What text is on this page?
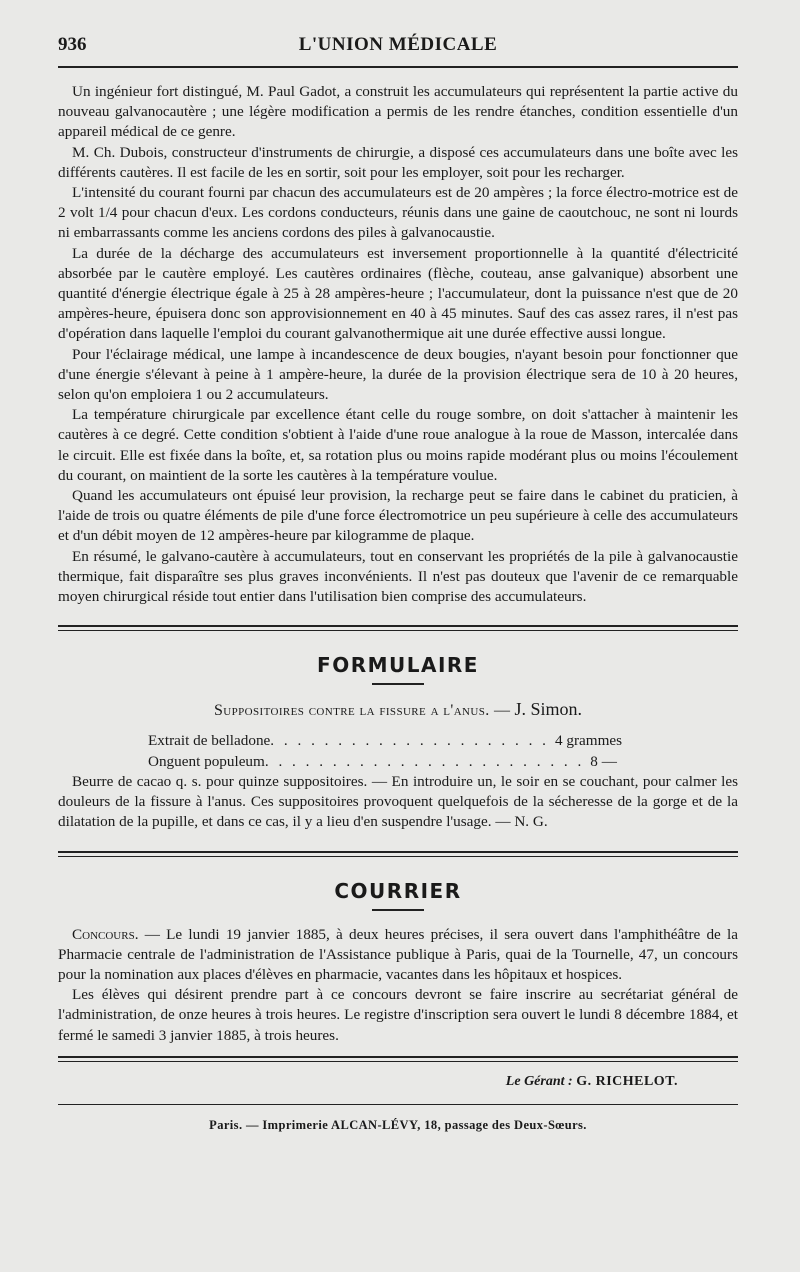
936	L'UNION MÉDICALE

Un ingénieur fort distingué, M. Paul Gadot, a construit les accumulateurs qui représentent la partie active du nouveau galvanocautère ; une légère modification a permis de les rendre étanches, condition essentielle d'un appareil médical de ce genre.

M. Ch. Dubois, constructeur d'instruments de chirurgie, a disposé ces accumulateurs dans une boîte avec les différents cautères. Il est facile de les en sortir, soit pour les employer, soit pour les recharger.

L'intensité du courant fourni par chacun des accumulateurs est de 20 ampères ; la force électro-motrice est de 2 volt 1/4 pour chacun d'eux. Les cordons conducteurs, réunis dans une gaine de caoutchouc, ne sont ni lourds ni embarrassants comme les anciens cordons des piles à galvanocaustie.

La durée de la décharge des accumulateurs est inversement proportionnelle à la quantité d'électricité absorbée par le cautère employé. Les cautères ordinaires (flèche, couteau, anse galvanique) absorbent une quantité d'énergie électrique égale à 25 à 28 ampères-heure ; l'accumulateur, dont la puissance n'est que de 20 ampères-heure, épuisera donc son approvisionnement en 40 à 45 minutes. Sauf des cas assez rares, il n'est pas d'opération dans laquelle l'emploi du courant galvanothermique ait une durée effective aussi longue.

Pour l'éclairage médical, une lampe à incandescence de deux bougies, n'ayant besoin pour fonctionner que d'une énergie s'élevant à peine à 1 ampère-heure, la durée de la provision électrique sera de 10 à 20 heures, selon qu'on emploiera 1 ou 2 accumulateurs.

La température chirurgicale par excellence étant celle du rouge sombre, on doit s'attacher à maintenir les cautères à ce degré. Cette condition s'obtient à l'aide d'une roue analogue à la roue de Masson, intercalée dans le circuit. Elle est fixée dans la boîte, et, sa rotation plus ou moins rapide modérant plus ou moins l'écoulement du courant, on maintient de la sorte les cautères à la température voulue.

Quand les accumulateurs ont épuisé leur provision, la recharge peut se faire dans le cabinet du praticien, à l'aide de trois ou quatre éléments de pile d'une force électromotrice un peu supérieure à celle des accumulateurs et d'un débit moyen de 12 ampères-heure par kilogramme de plaque.

En résumé, le galvano-cautère à accumulateurs, tout en conservant les propriétés de la pile à galvanocaustie thermique, fait disparaître ses plus graves inconvénients. Il n'est pas douteux que l'avenir de ce remarquable moyen chirurgical réside tout entier dans l'utilisation bien comprise des accumulateurs.

FORMULAIRE
Suppositoires contre la fissure a l'anus. — J. Simon.
Extrait de belladone . . . . . . . . . . . . . . . . . . . . . 4 grammes
Onguent populeum . . . . . . . . . . . . . . . . . . . . . . . . 8 —

Beurre de cacao q. s. pour quinze suppositoires. — En introduire un, le soir en se couchant, pour calmer les douleurs de la fissure à l'anus. Ces suppositoires provoquent quelquefois de la sécheresse de la gorge et de la dilatation de la pupille, et dans ce cas, il y a lieu d'en suspendre l'usage. — N. G.

COURRIER

Concours. — Le lundi 19 janvier 1885, à deux heures précises, il sera ouvert dans l'amphithéâtre de la Pharmacie centrale de l'administration de l'Assistance publique à Paris, quai de la Tournelle, 47, un concours pour la nomination aux places d'élèves en pharmacie, vacantes dans les hôpitaux et hospices.

Les élèves qui désirent prendre part à ce concours devront se faire inscrire au secrétariat général de l'administration, de onze heures à trois heures. Le registre d'inscription sera ouvert le lundi 8 décembre 1884, et fermé le samedi 3 janvier 1885, à trois heures.

Le Gérant : G. RICHELOT.
Paris. — Imprimerie ALCAN-LÉVY, 18, passage des Deux-Sœurs.
